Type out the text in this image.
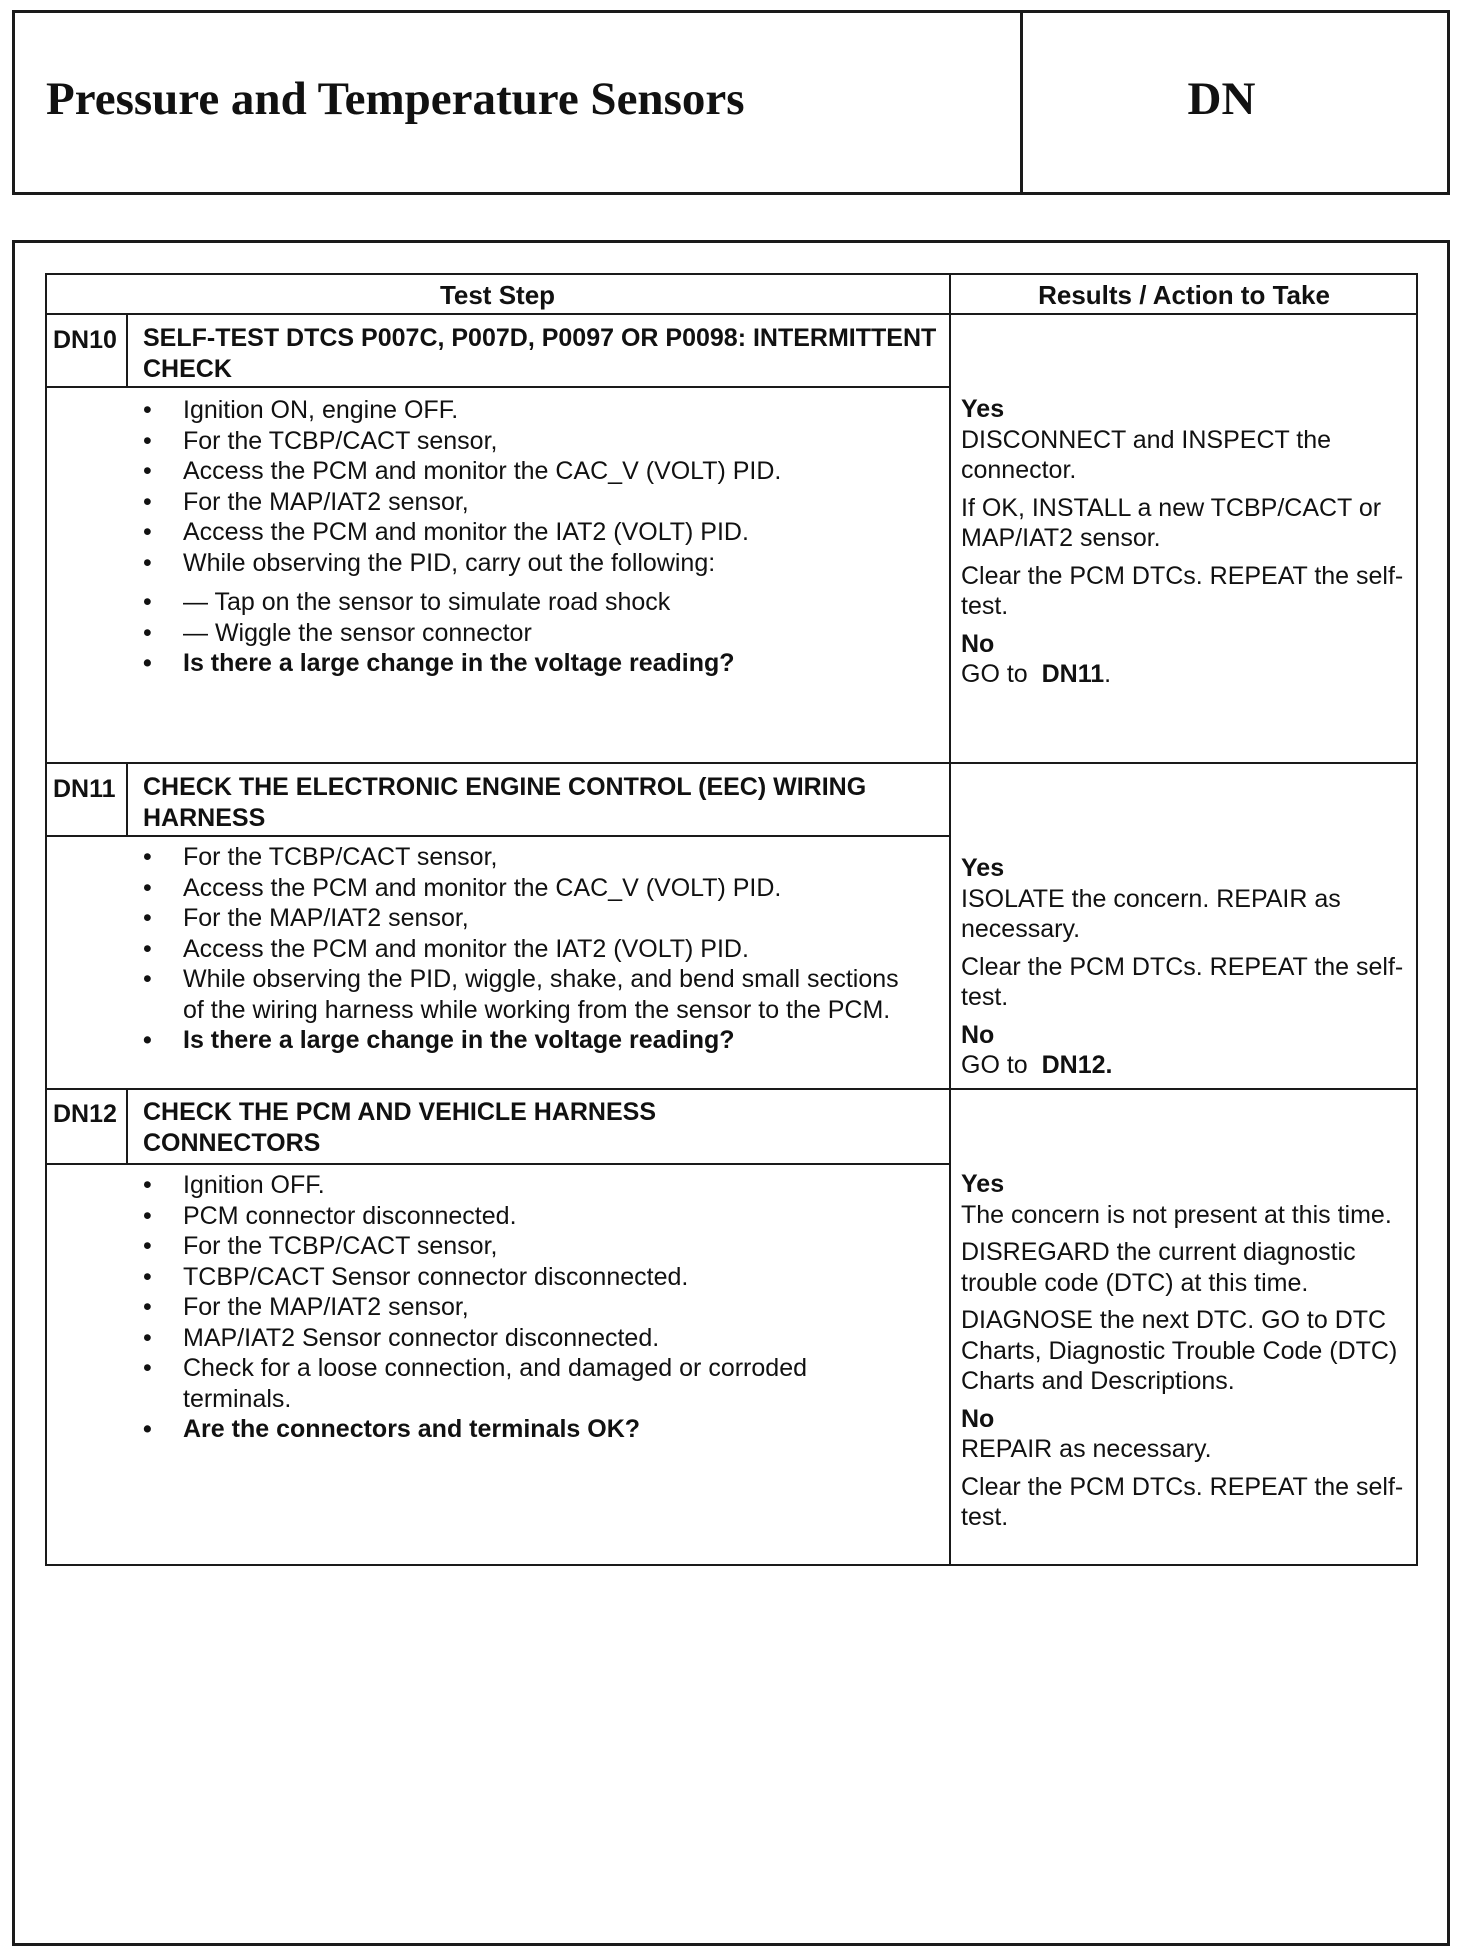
Pressure and Temperature Sensors	DN
Test Step	Results / Action to Take
DN10 SELF-TEST DTCS P007C, P007D, P0097 OR P0098: INTERMITTENT CHECK
• Ignition ON, engine OFF.
• For the TCBP/CACT sensor,
• Access the PCM and monitor the CAC_V (VOLT) PID.
• For the MAP/IAT2 sensor,
• Access the PCM and monitor the IAT2 (VOLT) PID.
• While observing the PID, carry out the following:
• — Tap on the sensor to simulate road shock
• — Wiggle the sensor connector
• Is there a large change in the voltage reading?
Yes

DISCONNECT and INSPECT the connector.

If OK, INSTALL a new TCBP/CACT or MAP/IAT2 sensor.

Clear the PCM DTCs. REPEAT the self-test.

No

GO to DN11.

DN11 CHECK THE ELECTRONIC ENGINE CONTROL (EEC) WIRING HARNESS
• For the TCBP/CACT sensor,
• Access the PCM and monitor the CAC_V (VOLT) PID.
• For the MAP/IAT2 sensor,
• Access the PCM and monitor the IAT2 (VOLT) PID.
• While observing the PID, wiggle, shake, and bend small sections of the wiring harness while working from the sensor to the PCM.
• Is there a large change in the voltage reading?
Yes

ISOLATE the concern. REPAIR as necessary.

Clear the PCM DTCs. REPEAT the self-test.

No

GO to DN12.

DN12 CHECK THE PCM AND VEHICLE HARNESS CONNECTORS
• Ignition OFF.
• PCM connector disconnected.
• For the TCBP/CACT sensor,
• TCBP/CACT Sensor connector disconnected.
• For the MAP/IAT2 sensor,
• MAP/IAT2 Sensor connector disconnected.
• Check for a loose connection, and damaged or corroded terminals.
• Are the connectors and terminals OK?
Yes

The concern is not present at this time.

DISREGARD the current diagnostic trouble code (DTC) at this time.

DIAGNOSE the next DTC. GO to DTC Charts, Diagnostic Trouble Code (DTC) Charts and Descriptions.

No

REPAIR as necessary.

Clear the PCM DTCs. REPEAT the self-test.
